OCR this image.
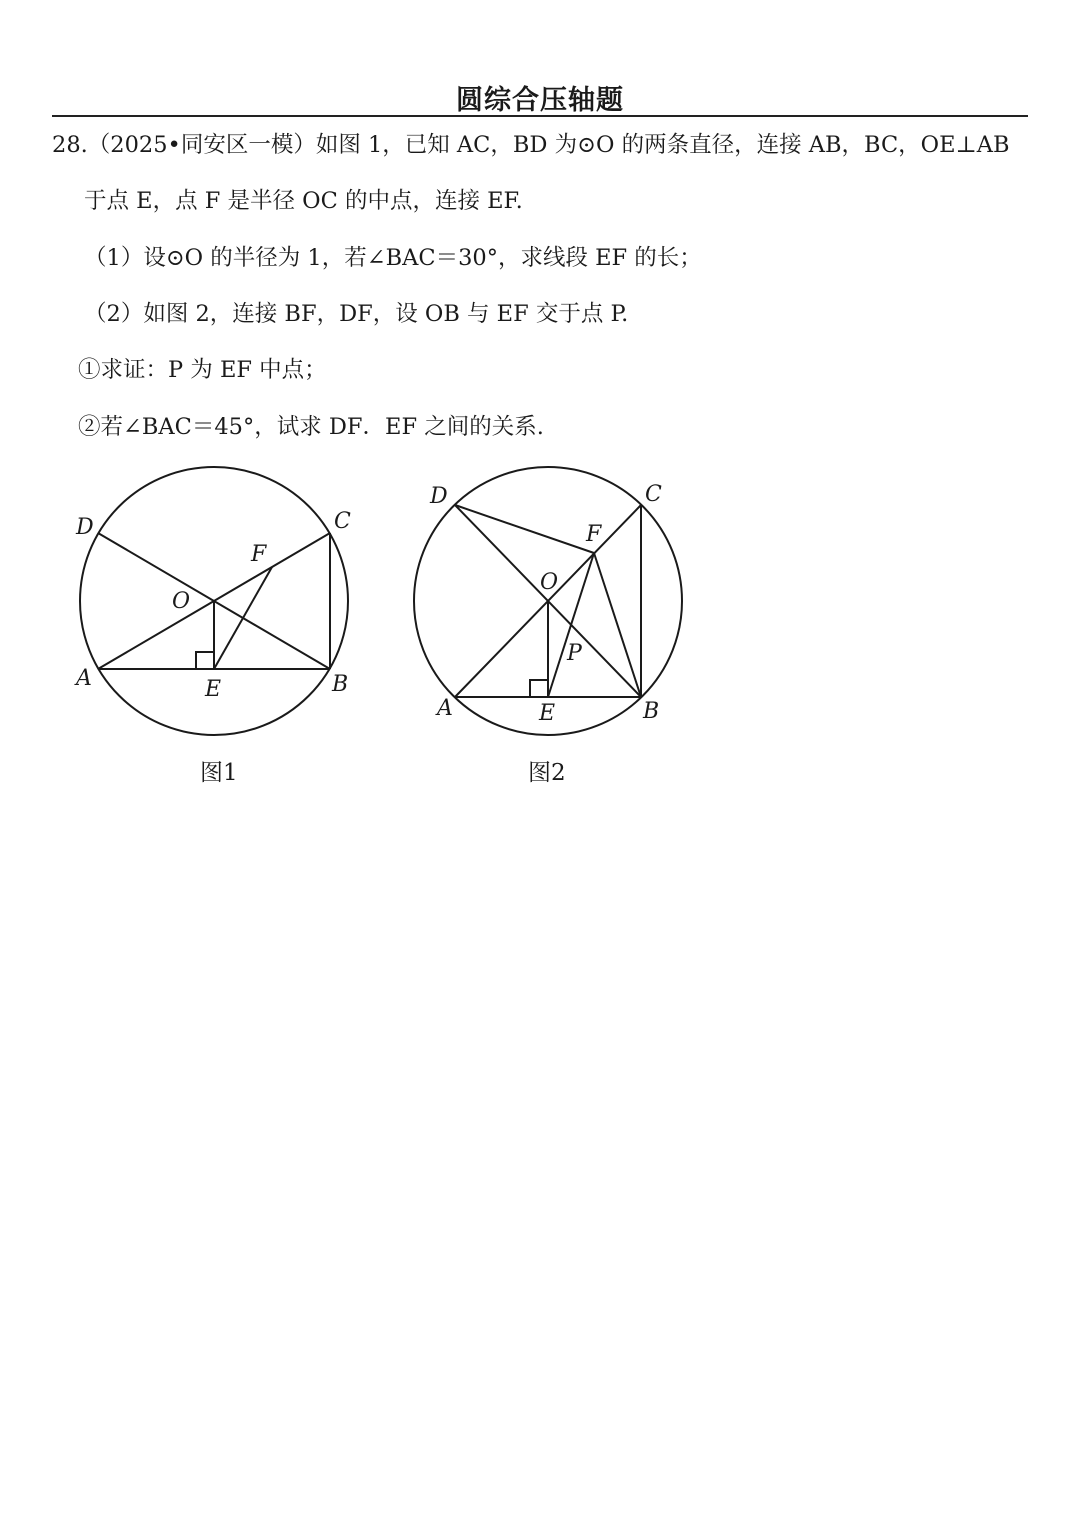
圆综合压轴题
28.（2025•同安区一模）如图 1，已知 AC，BD 为⊙O 的两条直径，连接 AB，BC，OE⊥AB
于点 E，点 F 是半径 OC 的中点，连接 EF.
（1）设⊙O 的半径为 1，若∠BAC＝30°，求线段 EF 的长；
（2）如图 2，连接 BF，DF，设 OB 与 EF 交于点 P.
①求证：P 为 EF 中点；
②若∠BAC＝45°，试求 DF．EF 之间的关系.
D	C
F
O
A	E	B
图1
D	C
F
O
P
A	E	B
图2
